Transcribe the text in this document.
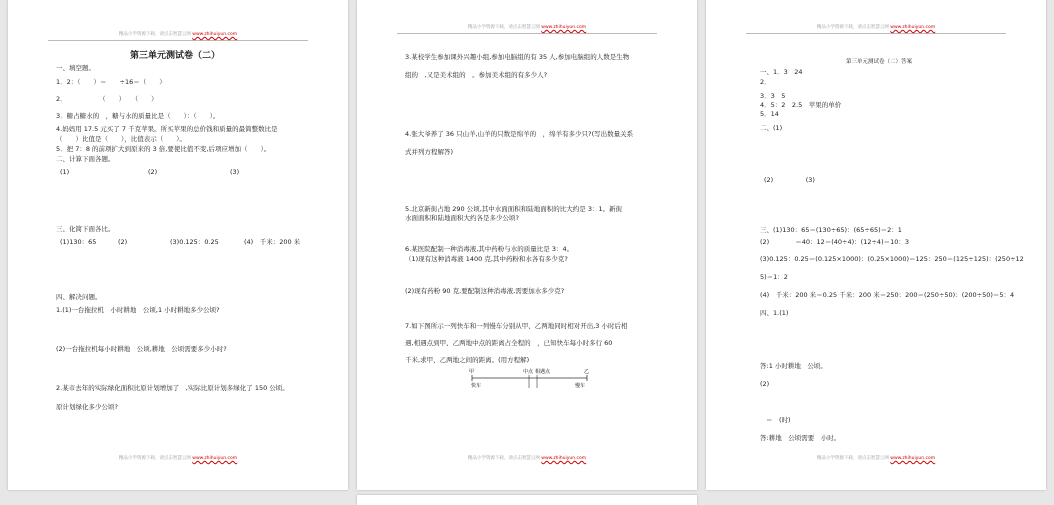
精品小学资源下载，请点击智慧云网 www.zhihuiyun.com
第三单元测试卷（二）
一、填空题。
1．2：（　　）＝　　÷16＝（　　）
2．　　　　　　（　　）　　（　　）
3．糖占糖水的　，糖与水的质量比是（　　）：（　　）。
4.妈妈用 17.5 元买了 7 千克苹果。所买苹果的总价钱和质量的最简整数比是
（　　）比值是（　　），比值表示（　　）。
5．把 7：8 的前项扩大到原来的 3 倍,要使比值不变,后项应增加（　　）。
二、计算下面各题。
(1)	(2)	(3)
三、化简下面各比。
(1)130：65	(2)	(3)0.125：0.25	(4)　千米：200 米
四、解决问题。
1.(1)一台拖拉机　小时耕地　公顷,1 小时耕地多少公顷?
(2)一台拖拉机每小时耕地　公顷,耕地　公顷需要多少小时?
2.某市去年的实际绿化面积比原计划增加了　,实际比原计划多绿化了 150 公顷。
原计划绿化多少公顷?
精品小学资源下载，请点击智慧云网 www.zhihuiyun.com
精品小学资源下载，请点击智慧云网 www.zhihuiyun.com
3.某校学生参加课外兴趣小组,参加电脑组的有 35 人,参加电脑组的人数是生物
组的　,又是美术组的　。参加美术组的有多少人?
4.张大爷养了 36 只山羊,山羊的只数是绵羊的　，绵羊有多少只?(写出数量关系
式并列方程解答)
5.北京新街占地 290 公顷,其中水面面积和陆地面积的比大约是 3：1。新街
水面面积和陆地面积大约各是多少公顷?
6.某医院配制一种消毒液,其中药粉与水的质量比是 3：4。
（1)现有这种消毒液 1400 克,其中药粉和水各有多少克?
(2)现有药粉 90 克,要配制这种消毒液,需要加水多少克?
7.如下图所示一列快车和一列慢车分别从甲、乙两地同时相对开出,3 小时后相
遇,相遇点到甲、乙两地中点的距离占全程的　，已知快车每小时多行 60
千米,求甲、乙两地之间的距离。(用方程解)
甲	中点 相遇点	乙
快车	慢车
精品小学资源下载，请点击智慧云网 www.zhihuiyun.com
精品小学资源下载，请点击智慧云网 www.zhihuiyun.com
第三单元测试卷（二）答案
一、1．3　24
2．
3．3　5
4．5：2　2.5　苹果的单价
5．14
二、(1)
(2)　　　　　(3)
三、(1)130：65＝(130÷65)：(65÷65)＝2：1
(2)　　　　＝40：12＝(40÷4)：(12÷4)＝10：3
(3)0.125：0.25＝(0.125×1000)：(0.25×1000)＝125：250＝(125÷125)：(250÷12
5)＝1：2
(4)　千米：200 米＝0.25 千米：200 米＝250：200＝(250÷50)：(200÷50)＝5：4
四、1.(1)
答:1 小时耕地　公顷。
(2)
＝　(时)
答:耕地　公顷需要　小时。
精品小学资源下载，请点击智慧云网 www.zhihuiyun.com
